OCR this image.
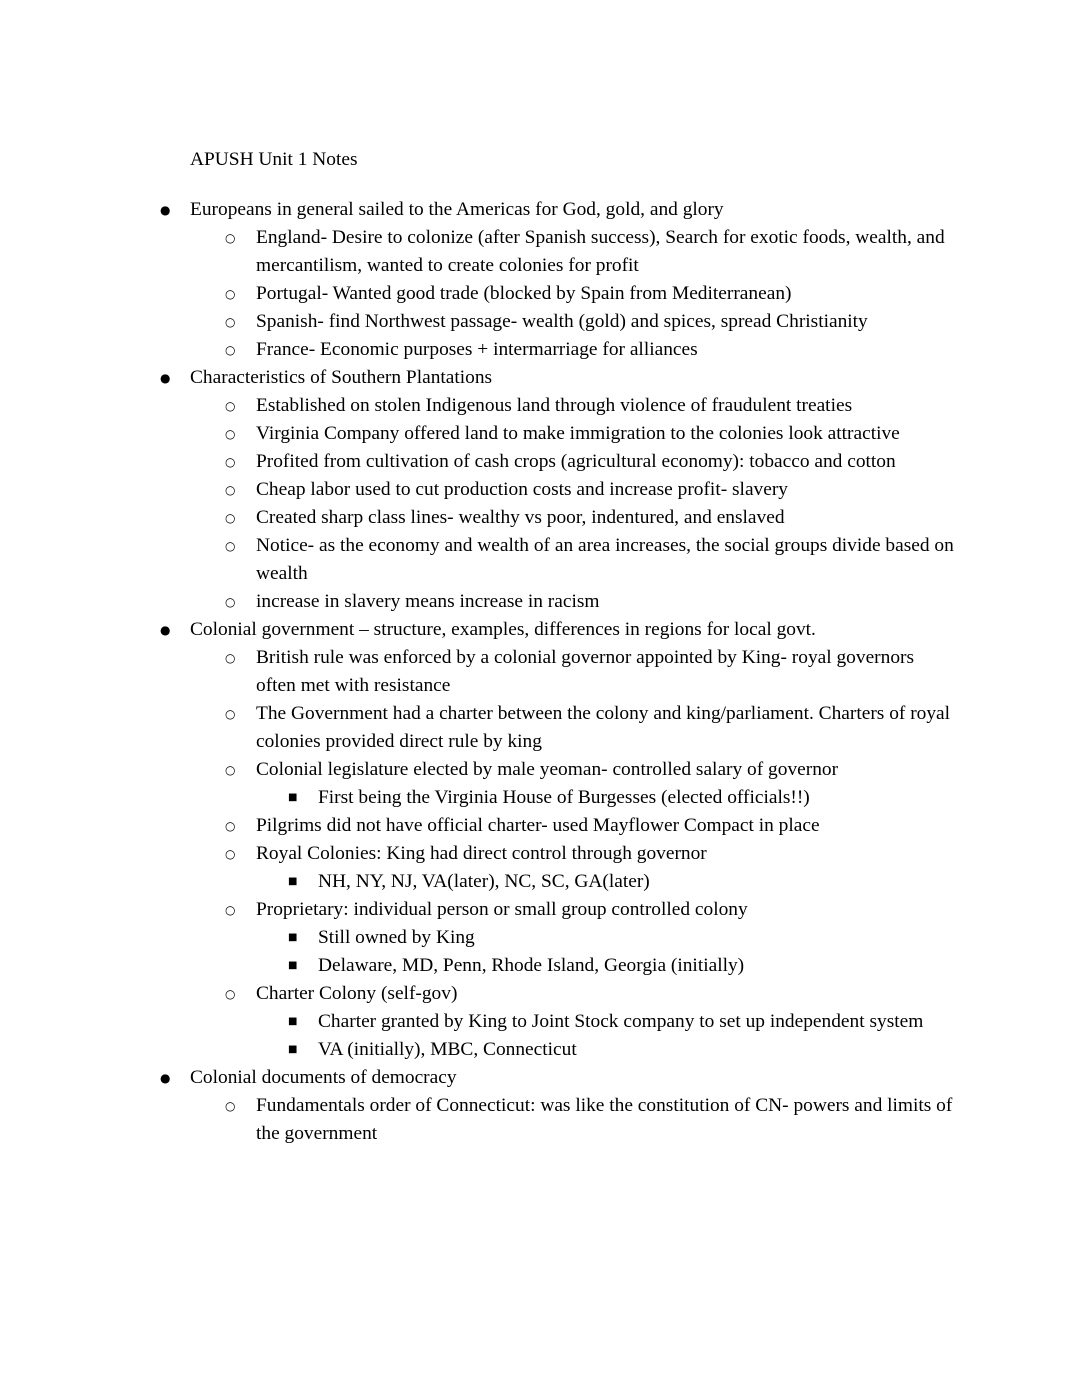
APUSH Unit 1 Notes
●	Europeans in general sailed to the Americas for God, gold, and glory
○	England- Desire to colonize (after Spanish success), Search for exotic foods, wealth, and mercantilism, wanted to create colonies for profit
○	Portugal- Wanted good trade (blocked by Spain from Mediterranean)
○	Spanish- find Northwest passage- wealth (gold) and spices, spread Christianity
○	France- Economic purposes + intermarriage for alliances
●	Characteristics of Southern Plantations
○	Established on stolen Indigenous land through violence of fraudulent treaties
○	Virginia Company offered land to make immigration to the colonies look attractive
○	Profited from cultivation of cash crops (agricultural economy): tobacco and cotton
○	Cheap labor used to cut production costs and increase profit- slavery
○	Created sharp class lines- wealthy vs poor, indentured, and enslaved
○	Notice- as the economy and wealth of an area increases, the social groups divide based on wealth
○	increase in slavery means increase in racism
●	Colonial government – structure, examples, differences in regions for local govt.
○	British rule was enforced by a colonial governor appointed by King- royal governors often met with resistance
○	The Government had a charter between the colony and king/parliament. Charters of royal colonies provided direct rule by king
○	Colonial legislature elected by male yeoman- controlled salary of governor
■	First being the Virginia House of Burgesses (elected officials!!)
○	Pilgrims did not have official charter- used Mayflower Compact in place
○	Royal Colonies: King had direct control through governor
■	NH, NY, NJ, VA(later), NC, SC, GA(later)
○	Proprietary: individual person or small group controlled colony
■	Still owned by King
■	Delaware, MD, Penn, Rhode Island, Georgia (initially)
○	Charter Colony (self-gov)
■	Charter granted by King to Joint Stock company to set up independent system
■	VA (initially), MBC, Connecticut
●	Colonial documents of democracy
○	Fundamentals order of Connecticut: was like the constitution of CN- powers and limits of the government
